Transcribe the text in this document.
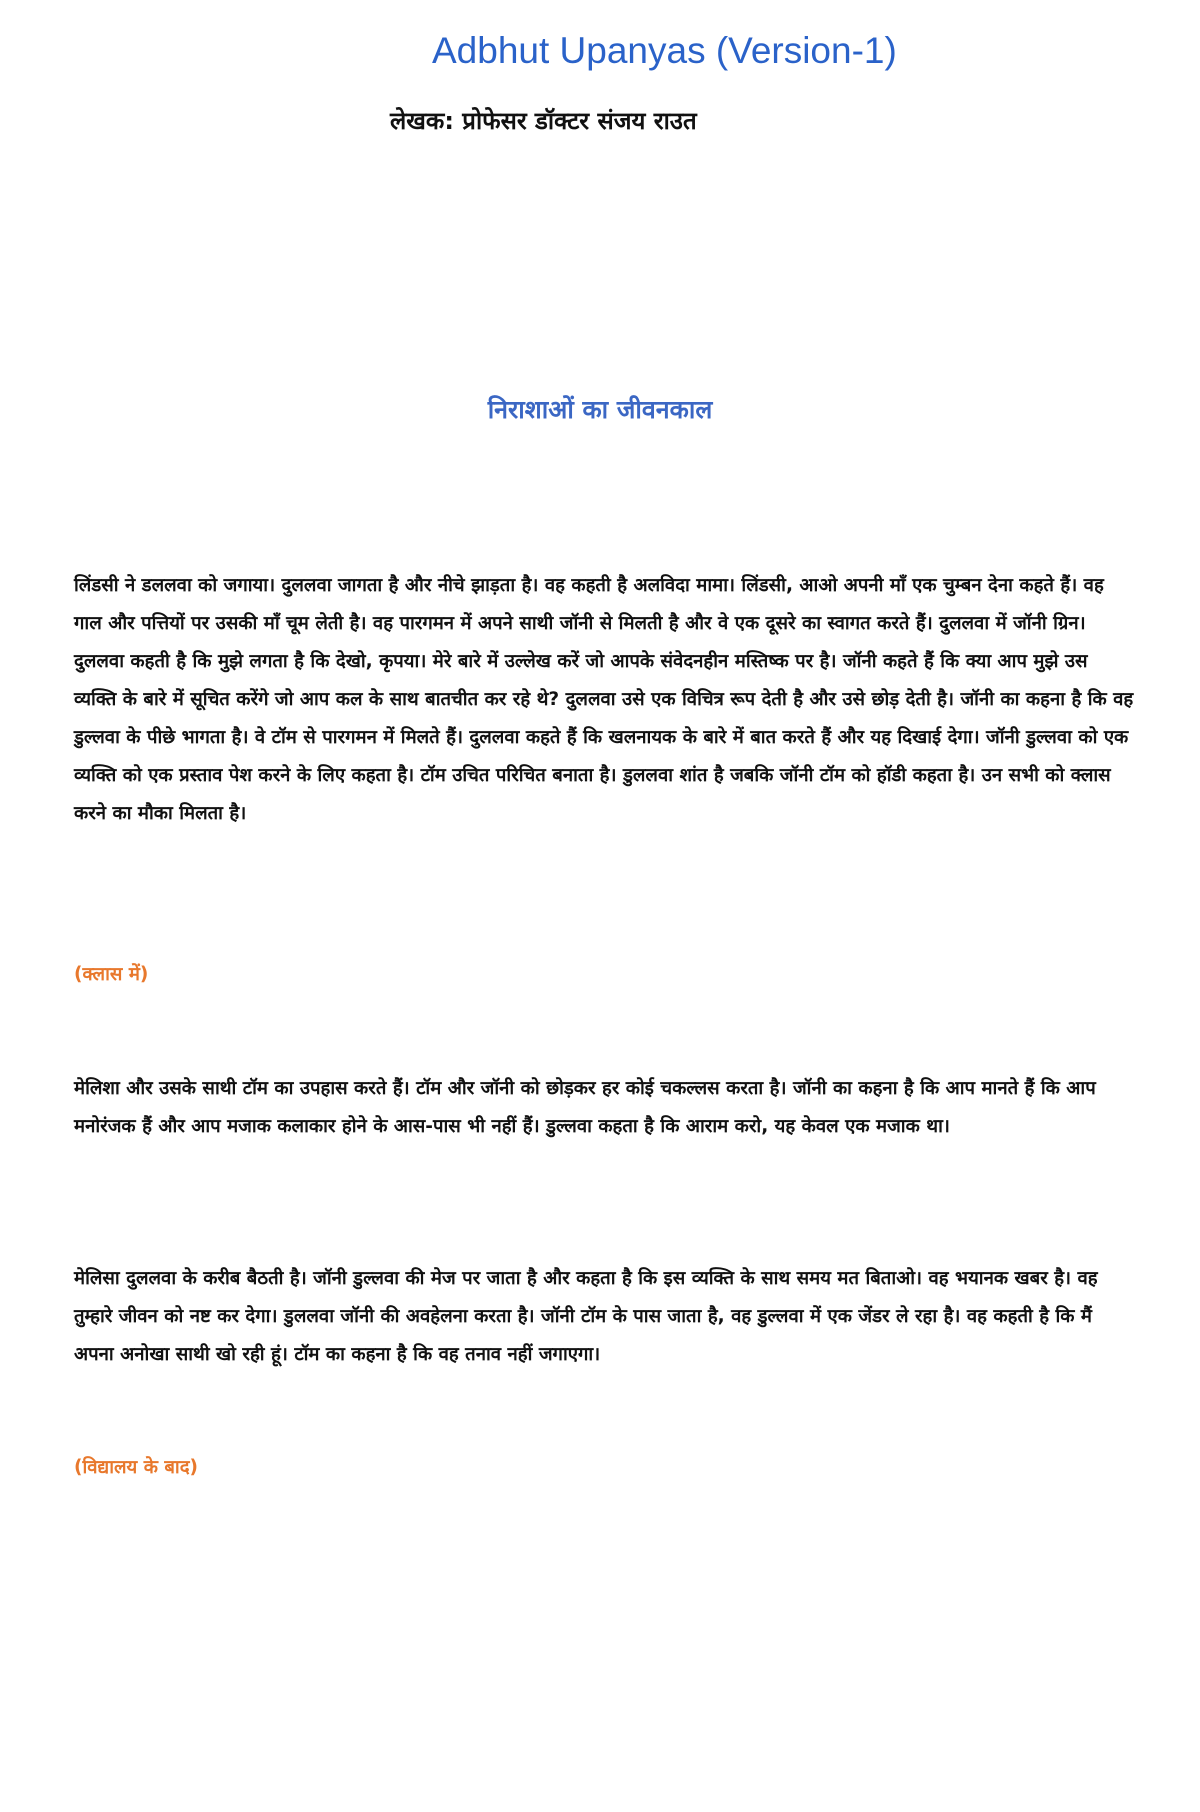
Adbhut Upanyas (Version-1)
लेखक: प्रोफेसर डॉक्टर संजय राउत
निराशाओं का जीवनकाल

लिंडसी ने डललवा को जगाया। दुललवा जागता है और नीचे झाड़ता है। वह कहती है अलविदा मामा। लिंडसी, आओ अपनी माँ एक चुम्बन देना कहते हैं। वह गाल और पत्तियों पर उसकी माँ चूम लेती है। वह पारगमन में अपने साथी जॉनी से मिलती है और वे एक दूसरे का स्वागत करते हैं। दुललवा में जॉनी ग्रिन। दुललवा कहती है कि मुझे लगता है कि देखो, कृपया। मेरे बारे में उल्लेख करें जो आपके संवेदनहीन मस्तिष्क पर है। जॉनी कहते हैं कि क्या आप मुझे उस व्यक्ति के बारे में सूचित करेंगे जो आप कल के साथ बातचीत कर रहे थे? दुललवा उसे एक विचित्र रूप देती है और उसे छोड़ देती है। जॉनी का कहना है कि वह डुल्लवा के पीछे भागता है। वे टॉम से पारगमन में मिलते हैं। दुललवा कहते हैं कि खलनायक के बारे में बात करते हैं और यह दिखाई देगा। जॉनी डुल्लवा को एक व्यक्ति को एक प्रस्ताव पेश करने के लिए कहता है। टॉम उचित परिचित बनाता है। डुललवा शांत है जबकि जॉनी टॉम को हॉडी कहता है। उन सभी को क्लास करने का मौका मिलता है।

(क्लास में)

मेलिशा और उसके साथी टॉम का उपहास करते हैं। टॉम और जॉनी को छोड़कर हर कोई चकल्लस करता है। जॉनी का कहना है कि आप मानते हैं कि आप मनोरंजक हैं और आप मजाक कलाकार होने के आस-पास भी नहीं हैं। डुल्लवा कहता है कि आराम करो, यह केवल एक मजाक था।

मेलिसा दुललवा के करीब बैठती है। जॉनी डुल्लवा की मेज पर जाता है और कहता है कि इस व्यक्ति के साथ समय मत बिताओ। वह भयानक खबर है। वह तुम्हारे जीवन को नष्ट कर देगा। डुललवा जॉनी की अवहेलना करता है। जॉनी टॉम के पास जाता है, वह डुल्लवा में एक जेंडर ले रहा है। वह कहती है कि मैं अपना अनोखा साथी खो रही हूं। टॉम का कहना है कि वह तनाव नहीं जगाएगा।

(विद्यालय के बाद)
